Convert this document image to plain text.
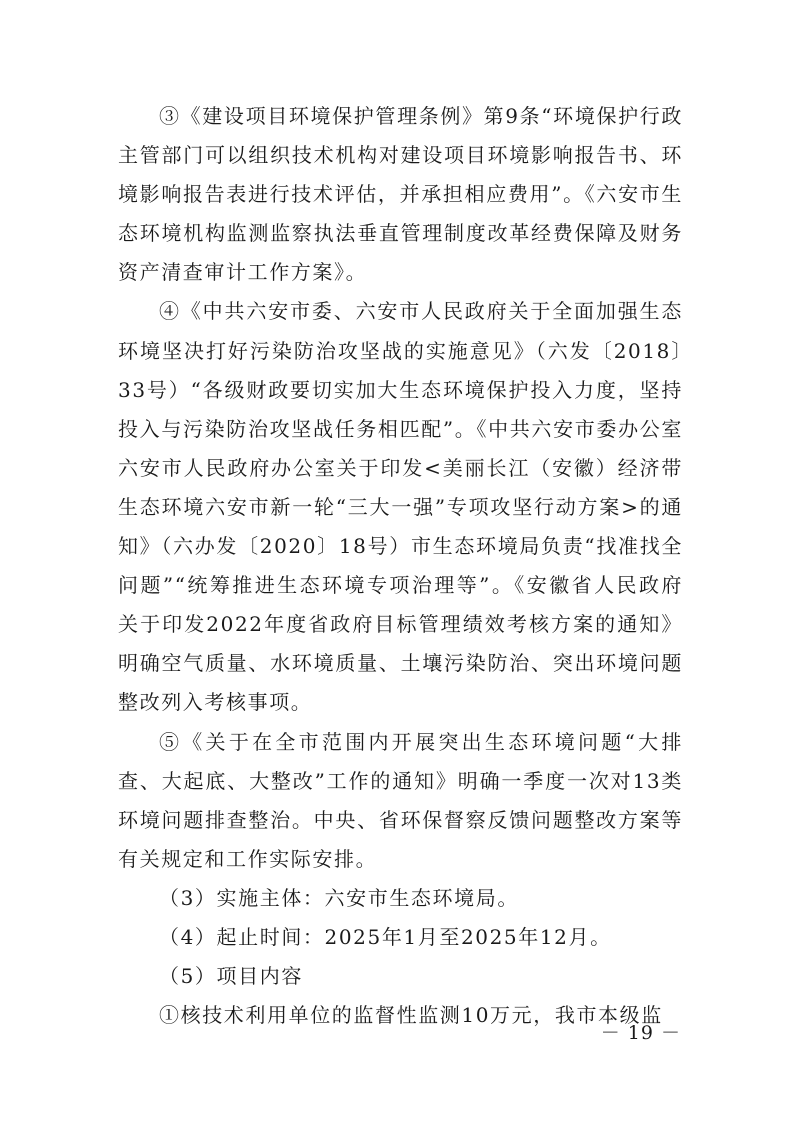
③《建设项目环境保护管理条例》第9条“环境保护行政主管部门可以组织技术机构对建设项目环境影响报告书、环境影响报告表进行技术评估，并承担相应费用”。《六安市生态环境机构监测监察执法垂直管理制度改革经费保障及财务资产清查审计工作方案》。

④《中共六安市委、六安市人民政府关于全面加强生态环境坚决打好污染防治攻坚战的实施意见》（六发〔2018〕33号）“各级财政要切实加大生态环境保护投入力度，坚持投入与污染防治攻坚战任务相匹配”。《中共六安市委办公室 六安市人民政府办公室关于印发<美丽长江（安徽）经济带生态环境六安市新一轮“三大一强”专项攻坚行动方案>的通知》（六办发〔2020〕18号）市生态环境局负责“找准找全问题”“统筹推进生态环境专项治理等”。《安徽省人民政府关于印发2022年度省政府目标管理绩效考核方案的通知》明确空气质量、水环境质量、土壤污染防治、突出环境问题整改列入考核事项。

⑤《关于在全市范围内开展突出生态环境问题“大排查、大起底、大整改”工作的通知》明确一季度一次对13类环境问题排查整治。中央、省环保督察反馈问题整改方案等有关规定和工作实际安排。

（3）实施主体：六安市生态环境局。

（4）起止时间：2025年1月至2025年12月。

（5）项目内容

①核技术利用单位的监督性监测10万元，我市本级监

－ 19 －
